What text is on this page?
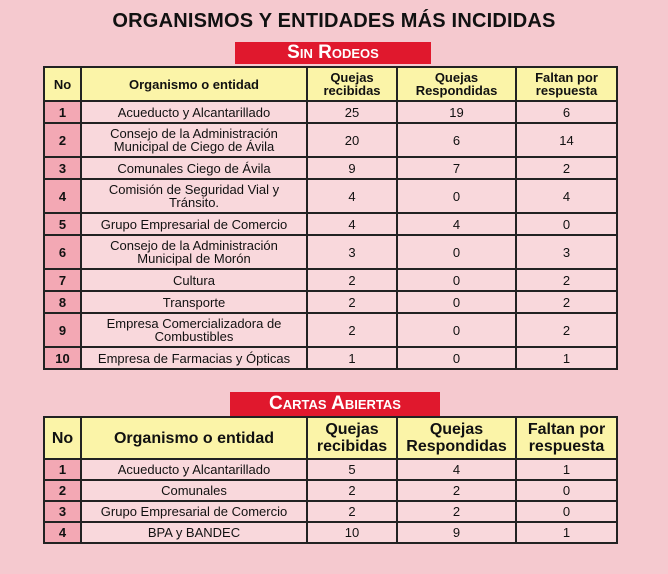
ORGANISMOS Y ENTIDADES MÁS INCIDIDAS
Sin Rodeos
No	Organismo o entidad	Quejas recibidas	Quejas Respondidas	Faltan por respuesta
1	Acueducto y Alcantarillado	25	19	6
2	Consejo de la Administración Municipal de Ciego de Ávila	20	6	14
3	Comunales Ciego de Ávila	9	7	2
4	Comisión de Seguridad Vial y Tránsito.	4	0	4
5	Grupo Empresarial de Comercio	4	4	0
6	Consejo de la Administración Municipal de Morón	3	0	3
7	Cultura	2	0	2
8	Transporte	2	0	2
9	Empresa Comercializadora de Combustibles	2	0	2
10	Empresa de Farmacias y Ópticas	1	0	1
Cartas Abiertas
No	Organismo o entidad	Quejas recibidas	Quejas Respondidas	Faltan por respuesta
1	Acueducto y Alcantarillado	5	4	1
2	Comunales	2	2	0
3	Grupo Empresarial de Comercio	2	2	0
4	BPA y BANDEC	10	9	1
